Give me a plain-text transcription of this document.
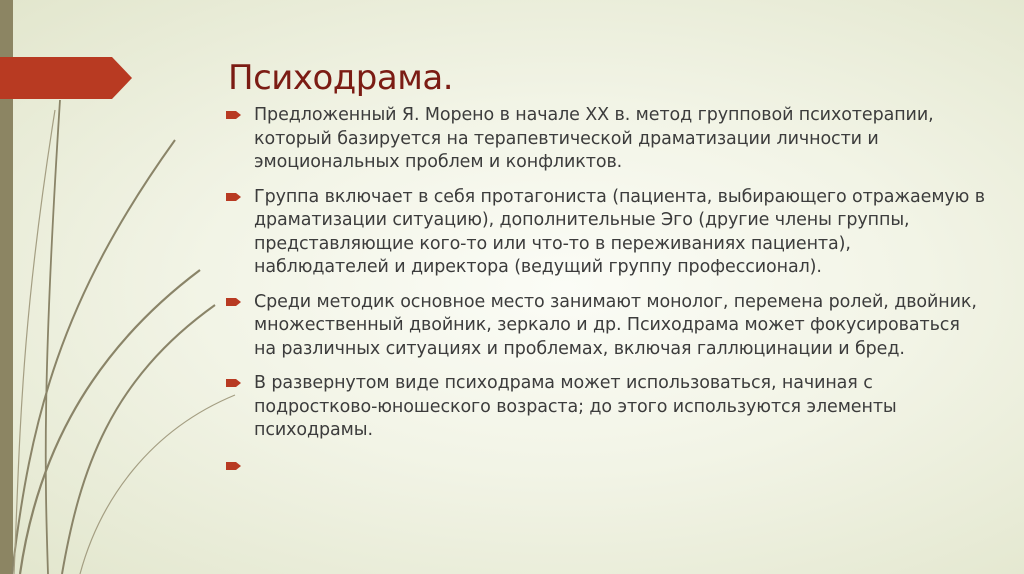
Психодрама.
Предложенный Я. Морено в начале XX в. метод групповой психотерапии, который базируется на терапевтической драматизации личности и эмоциональных проблем и конфликтов.
Группа включает в себя протагониста (пациента, выбирающего отражаемую в драматизации ситуацию), дополнительные Эго (другие члены группы, представляющие кого-то или что-то в переживаниях пациента), наблюдателей и директора (ведущий группу профессионал).
Среди методик основное место занимают монолог, перемена ролей, двойник, множественный двойник, зеркало и др. Психодрама может фокусироваться на различных ситуациях и проблемах, включая галлюцинации и бред.
В развернутом виде психодрама может использоваться, начиная с подростково-юношеского возраста; до этого используются элементы психодрамы.
